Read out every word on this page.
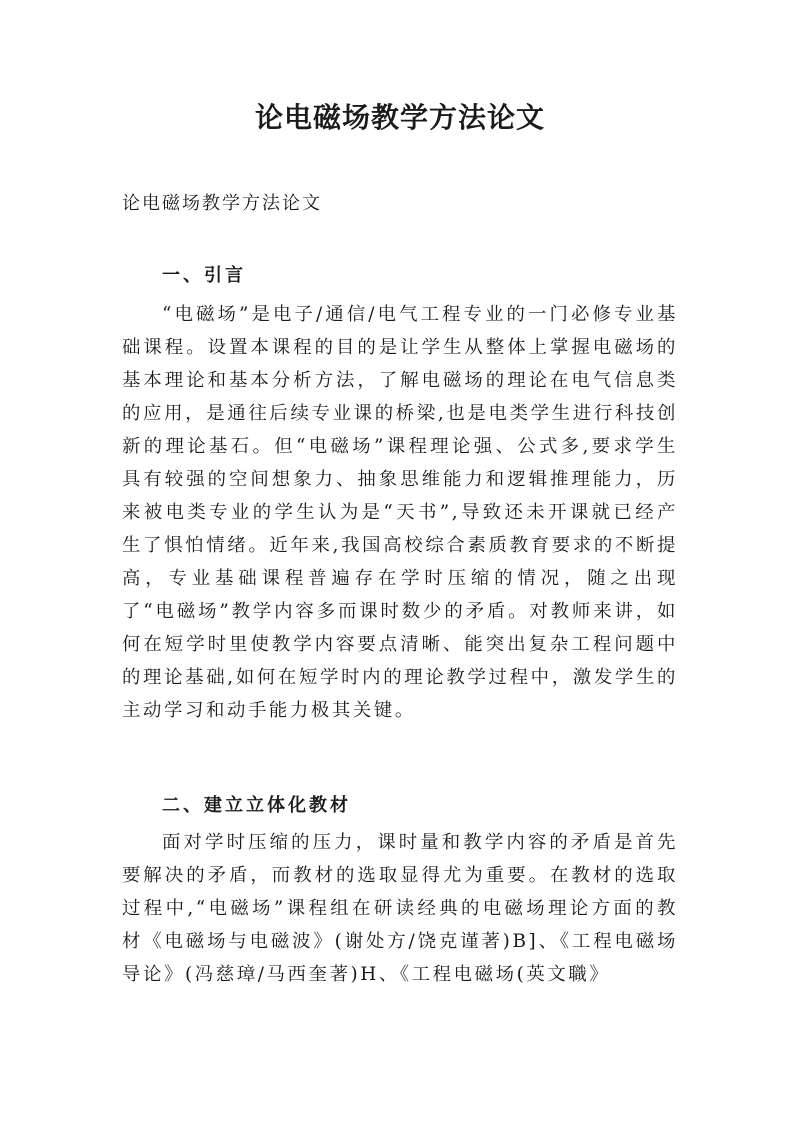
论电磁场教学方法论文

论电磁场教学方法论文

一、引言

“电磁场”是电子/通信/电气工程专业的一门必修专业基础课程。设置本课程的目的是让学生从整体上掌握电磁场的基本理论和基本分析方法，了解电磁场的理论在电气信息类的应用，是通往后续专业课的桥梁,也是电类学生进行科技创新的理论基石。但“电磁场”课程理论强、公式多,要求学生具有较强的空间想象力、抽象思维能力和逻辑推理能力，历来被电类专业的学生认为是“天书”,导致还未开课就已经产生了惧怕情绪。近年来,我国高校综合素质教育要求的不断提高，专业基础课程普遍存在学时压缩的情况，随之出现了“电磁场”教学内容多而课时数少的矛盾。对教师来讲，如何在短学时里使教学内容要点清晰、能突出复杂工程问题中的理论基础,如何在短学时内的理论教学过程中，激发学生的主动学习和动手能力极其关键。

二、建立立体化教材

面对学时压缩的压力，课时量和教学内容的矛盾是首先要解决的矛盾，而教材的选取显得尤为重要。在教材的选取过程中,“电磁场”课程组在研读经典的电磁场理论方面的教材《电磁场与电磁波》(谢处方/饶克谨著)B]、《工程电磁场导论》(冯慈璋/马西奎著)H、《工程电磁场(英文職》
